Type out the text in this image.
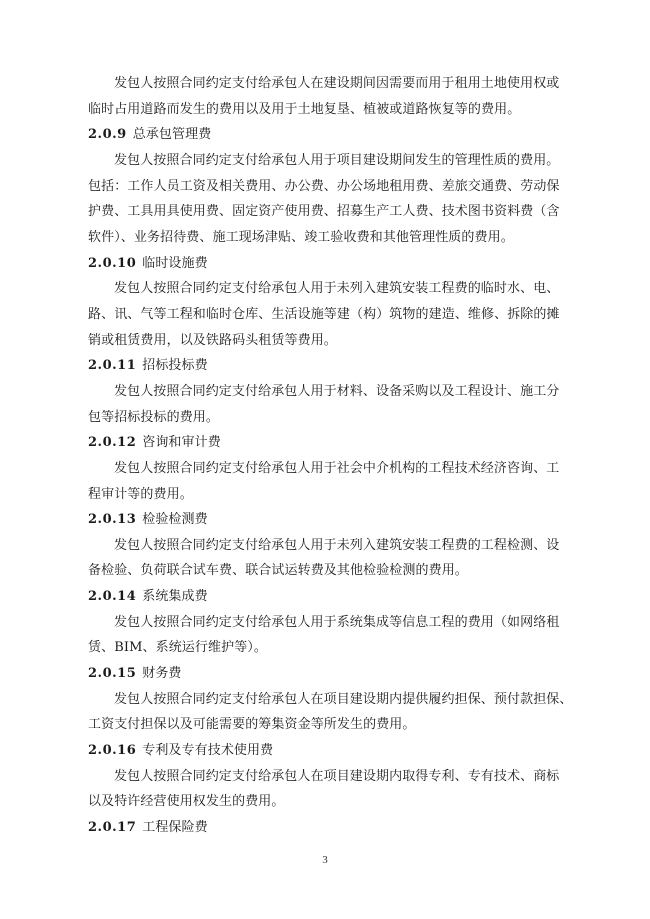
发包人按照合同约定支付给承包人在建设期间因需要而用于租用土地使用权或
临时占用道路而发生的费用以及用于土地复垦、植被或道路恢复等的费用。
2.0.9 总承包管理费
发包人按照合同约定支付给承包人用于项目建设期间发生的管理性质的费用。
包括：工作人员工资及相关费用、办公费、办公场地租用费、差旅交通费、劳动保
护费、工具用具使用费、固定资产使用费、招募生产工人费、技术图书资料费（含
软件）、业务招待费、施工现场津贴、竣工验收费和其他管理性质的费用。
2.0.10 临时设施费
发包人按照合同约定支付给承包人用于未列入建筑安装工程费的临时水、电、
路、讯、气等工程和临时仓库、生活设施等建（构）筑物的建造、维修、拆除的摊
销或租赁费用，以及铁路码头租赁等费用。
2.0.11 招标投标费
发包人按照合同约定支付给承包人用于材料、设备采购以及工程设计、施工分
包等招标投标的费用。
2.0.12 咨询和审计费
发包人按照合同约定支付给承包人用于社会中介机构的工程技术经济咨询、工
程审计等的费用。
2.0.13 检验检测费
发包人按照合同约定支付给承包人用于未列入建筑安装工程费的工程检测、设
备检验、负荷联合试车费、联合试运转费及其他检验检测的费用。
2.0.14 系统集成费
发包人按照合同约定支付给承包人用于系统集成等信息工程的费用（如网络租
赁、BIM、系统运行维护等）。
2.0.15 财务费
发包人按照合同约定支付给承包人在项目建设期内提供履约担保、预付款担保、
工资支付担保以及可能需要的筹集资金等所发生的费用。
2.0.16 专利及专有技术使用费
发包人按照合同约定支付给承包人在项目建设期内取得专利、专有技术、商标
以及特许经营使用权发生的费用。
2.0.17 工程保险费
3
